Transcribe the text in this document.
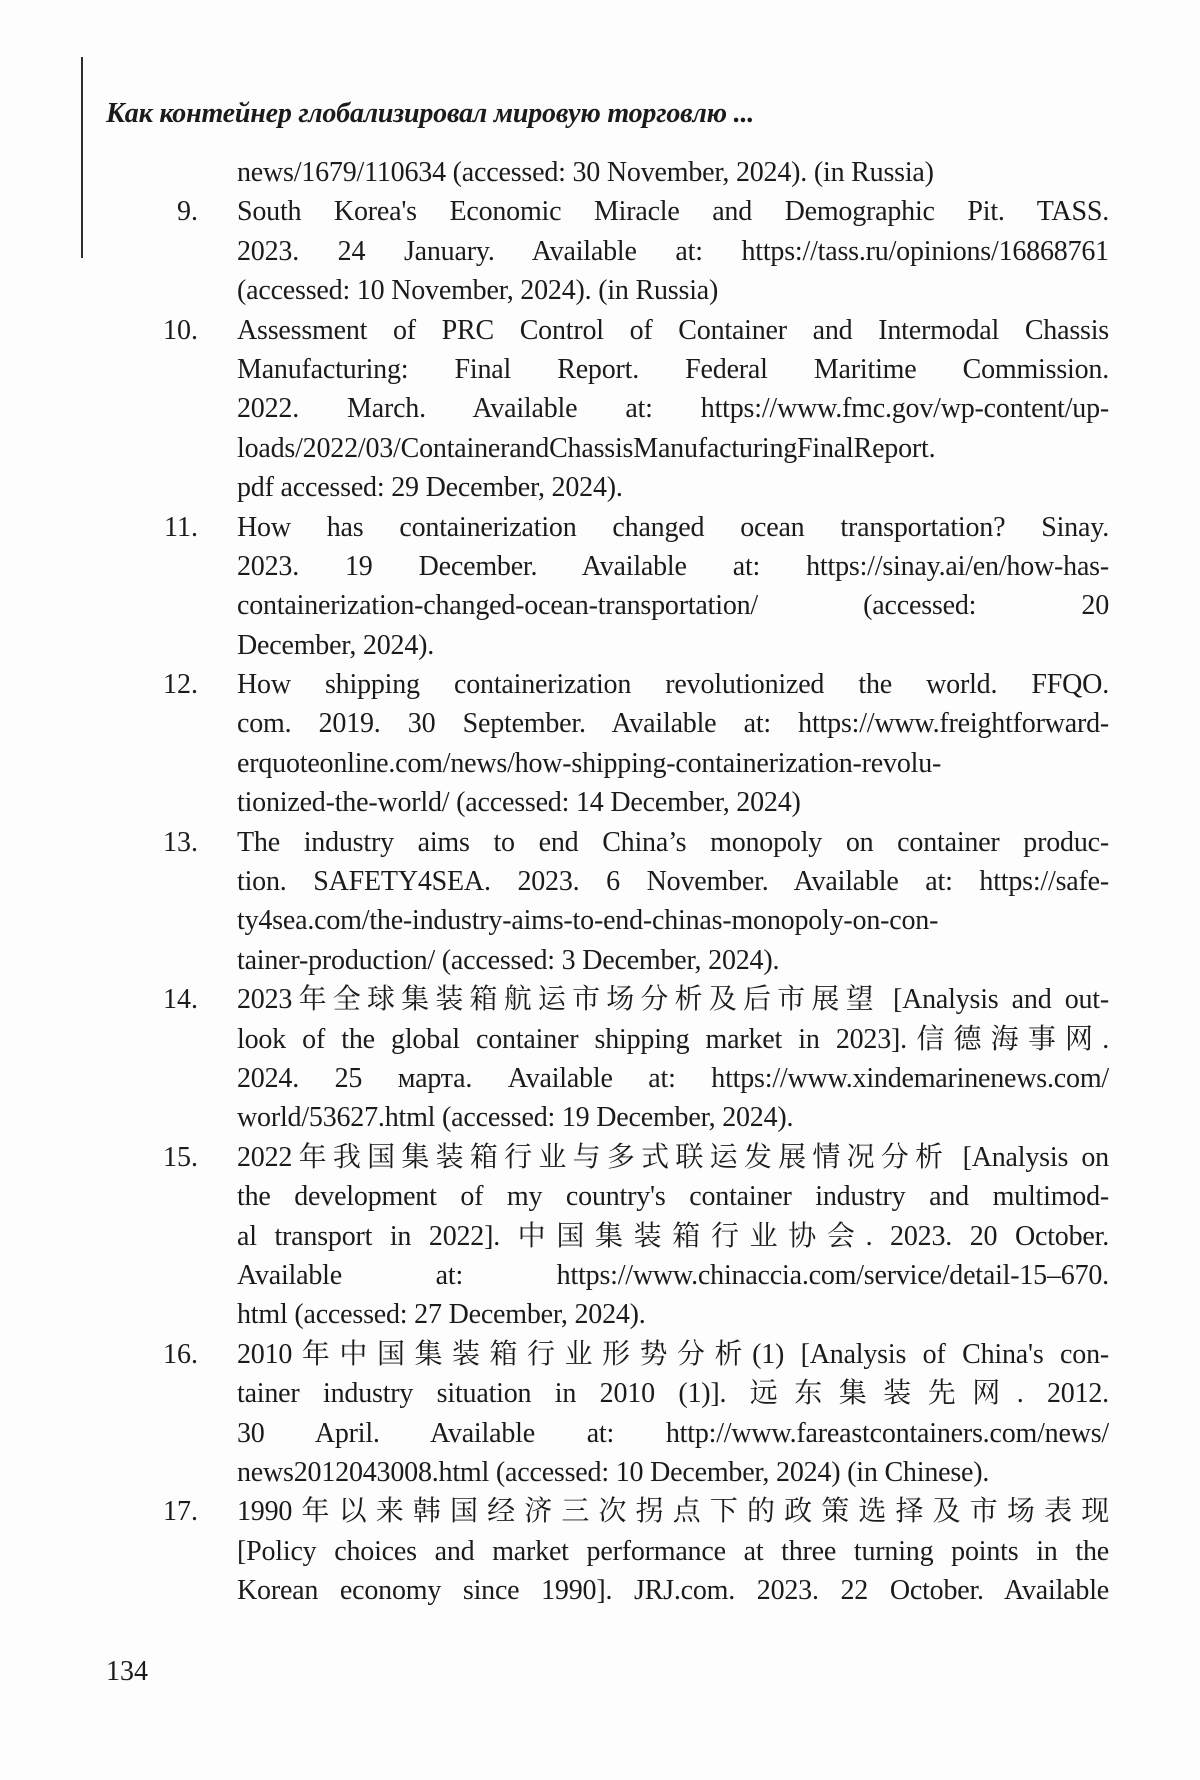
Как контейнер глобализировал мировую торговлю ...
news/1679/110634 (accessed: 30 November, 2024). (in Russia)
9. South Korea's Economic Miracle and Demographic Pit. TASS.
2023. 24 January. Available at: https://tass.ru/opinions/16868761
(accessed: 10 November, 2024). (in Russia)
10. Assessment of PRC Control of Container and Intermodal Chassis
Manufacturing: Final Report. Federal Maritime Commission.
2022. March. Available at: https://www.fmc.gov/wp-content/up-
loads/2022/03/ContainerandChassisManufacturingFinalReport.
pdf accessed: 29 December, 2024).
11. How has containerization changed ocean transportation? Sinay.
2023. 19 December. Available at: https://sinay.ai/en/how-has-
containerization-changed-ocean-transportation/ (accessed: 20
December, 2024).
12. How shipping containerization revolutionized the world. FFQO.
com. 2019. 30 September. Available at: https://www.freightforward-
erquoteonline.com/news/how-shipping-containerization-revolu-
tionized-the-world/ (accessed: 14 December, 2024)
13. The industry aims to end China’s monopoly on container produc-
tion. SAFETY4SEA. 2023. 6 November. Available at: https://safe-
ty4sea.com/the-industry-aims-to-end-chinas-monopoly-on-con-
tainer-production/ (accessed: 3 December, 2024).
14. 2023年全球集装箱航运市场分析及后市展望 [Analysis and out-
look of the global container shipping market in 2023].信德海事网.
2024. 25 марта. Available at: https://www.xindemarinenews.com/
world/53627.html (accessed: 19 December, 2024).
15. 2022年我国集装箱行业与多式联运发展情况分析 [Analysis on
the development of my country's container industry and multimod-
al transport in 2022]. 中国集装箱行业协会. 2023. 20 October.
Available at: https://www.chinaccia.com/service/detail-15–670.
html (accessed: 27 December, 2024).
16. 2010年中国集装箱行业形势分析(1) [Analysis of China's con-
tainer industry situation in 2010 (1)]. 远东集装先网. 2012.
30 April. Available at: http://www.fareastcontainers.com/news/
news2012043008.html (accessed: 10 December, 2024) (in Chinese).
17. 1990年以来韩国经济三次拐点下的政策选择及市场表现
[Policy choices and market performance at three turning points in the
Korean economy since 1990]. JRJ.com. 2023. 22 October. Available
134
